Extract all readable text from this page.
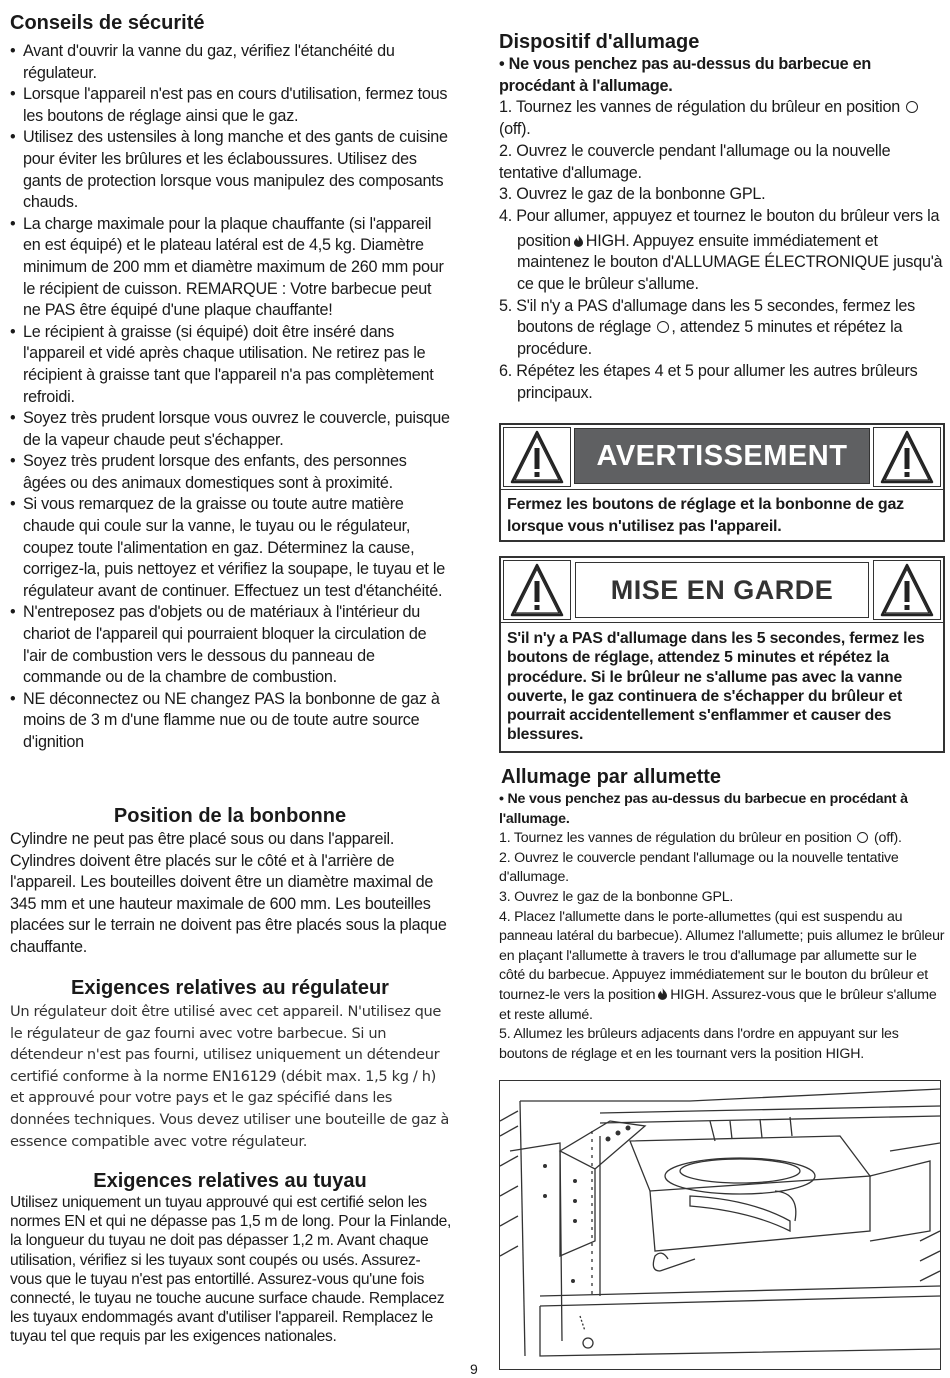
Conseils de sécurité
• Avant d'ouvrir la vanne du gaz, vérifiez l'étanchéité du régulateur.
• Lorsque l'appareil n'est pas en cours d'utilisation, fermez tous les boutons de réglage ainsi que le gaz.
• Utilisez des ustensiles à long manche et des gants de cuisine pour éviter les brûlures et les éclaboussures. Utilisez des gants de protection lorsque vous manipulez des composants chauds.
• La charge maximale pour la plaque chauffante (si l'appareil en est équipé) et le plateau latéral est de 4,5 kg. Diamètre minimum de 200 mm et diamètre maximum de 260 mm pour le récipient de cuisson. REMARQUE : Votre barbecue peut ne PAS être équipé d'une plaque chauffante!
• Le récipient à graisse (si équipé) doit être inséré dans l'appareil et vidé après chaque utilisation. Ne retirez pas le récipient à graisse tant que l'appareil n'a pas complètement refroidi.
• Soyez très prudent lorsque vous ouvrez le couvercle, puisque de la vapeur chaude peut s'échapper.
• Soyez très prudent lorsque des enfants, des personnes âgées ou des animaux domestiques sont à proximité.
• Si vous remarquez de la graisse ou toute autre matière chaude qui coule sur la vanne, le tuyau ou le régulateur, coupez toute l'alimentation en gaz. Déterminez la cause, corrigez-la, puis nettoyez et vérifiez la soupape, le tuyau et le régulateur avant de continuer. Effectuez un test d'étanchéité.
• N'entreposez pas d'objets ou de matériaux à l'intérieur du chariot de l'appareil qui pourraient bloquer la circulation de l'air de combustion vers le dessous du panneau de commande ou de la chambre de combustion.
• NE déconnectez ou NE changez PAS la bonbonne de gaz à moins de 3 m d'une flamme nue ou de toute autre source d'ignition
Position de la bonbonne

Cylindre ne peut pas être placé sous ou dans l'appareil. Cylindres doivent être placés sur le côté et à l'arrière de l'appareil. Les bouteilles doivent être un diamètre maximal de 345 mm et une hauteur maximale de 600 mm. Les bouteilles placées sur le terrain ne doivent pas être placés sous la plaque chauffante.

Exigences relatives au régulateur

Un régulateur doit être utilisé avec cet appareil. N'utilisez que le régulateur de gaz fourni avec votre barbecue. Si un détendeur n'est pas fourni, utilisez uniquement un détendeur certifié conforme à la norme EN16129 (débit max. 1,5 kg / h) et approuvé pour votre pays et le gaz spécifié dans les données techniques. Vous devez utiliser une bouteille de gaz à essence compatible avec votre régulateur.

Exigences relatives au tuyau

Utilisez uniquement un tuyau approuvé qui est certifié selon les normes EN et qui ne dépasse pas 1,5 m de long. Pour la Finlande, la longueur du tuyau ne doit pas dépasser 1,2 m. Avant chaque utilisation, vérifiez si les tuyaux sont coupés ou usés. Assurez-vous que le tuyau n'est pas entortillé. Assurez-vous qu'une fois connecté, le tuyau ne touche aucune surface chaude. Remplacez les tuyaux endommagés avant d'utiliser l'appareil. Remplacez le tuyau tel que requis par les exigences nationales.

Dispositif d'allumage

• Ne vous penchez pas au-dessus du barbecue en procédant à l'allumage.

1. Tournez les vannes de régulation du brûleur en position  (off).

2. Ouvrez le couvercle pendant l'allumage ou la nouvelle tentative d'allumage.

3. Ouvrez le gaz de la bonbonne GPL.

4. Pour allumer, appuyez et tournez le bouton du brûleur vers la

position HIGH. Appuyez ensuite immédiatement et maintenez le bouton d'ALLUMAGE ÉLECTRONIQUE jusqu'à ce que le brûleur s'allume.

5. S'il n'y a PAS d'allumage dans les 5 secondes, fermez les boutons de réglage , attendez 5 minutes et répétez la procédure.

6. Répétez les étapes 4 et 5 pour allumer les autres brûleurs principaux.

AVERTISSEMENT
Fermez les boutons de réglage et la bonbonne de gaz lorsque vous n'utilisez pas l'appareil.
MISE EN GARDE
S'il n'y a PAS d'allumage dans les 5 secondes, fermez les boutons de réglage, attendez 5 minutes et répétez la procédure. Si le brûleur ne s'allume pas avec la vanne ouverte, le gaz continuera de s'échapper du brûleur et pourrait accidentellement s'enflammer et causer des blessures.
Allumage par allumette

• Ne vous penchez pas au-dessus du barbecue en procédant à l'allumage.

1. Tournez les vannes de régulation du brûleur en position (off).

2. Ouvrez le couvercle pendant l'allumage ou la nouvelle tentative d'allumage.

3. Ouvrez le gaz de la bonbonne GPL.

4. Placez l'allumette dans le porte-allumettes (qui est suspendu au panneau latéral du barbecue). Allumez l'allumette; puis allumez le brûleur en plaçant l'allumette à travers le trou d'allumage par allumette sur le côté du barbecue. Appuyez immédiatement sur le bouton du brûleur et tournez-le vers la position HIGH. Assurez-vous que le brûleur s'allume et reste allumé.

5. Allumez les brûleurs adjacents dans l'ordre en appuyant sur les boutons de réglage et en les tournant vers la position HIGH.

9
